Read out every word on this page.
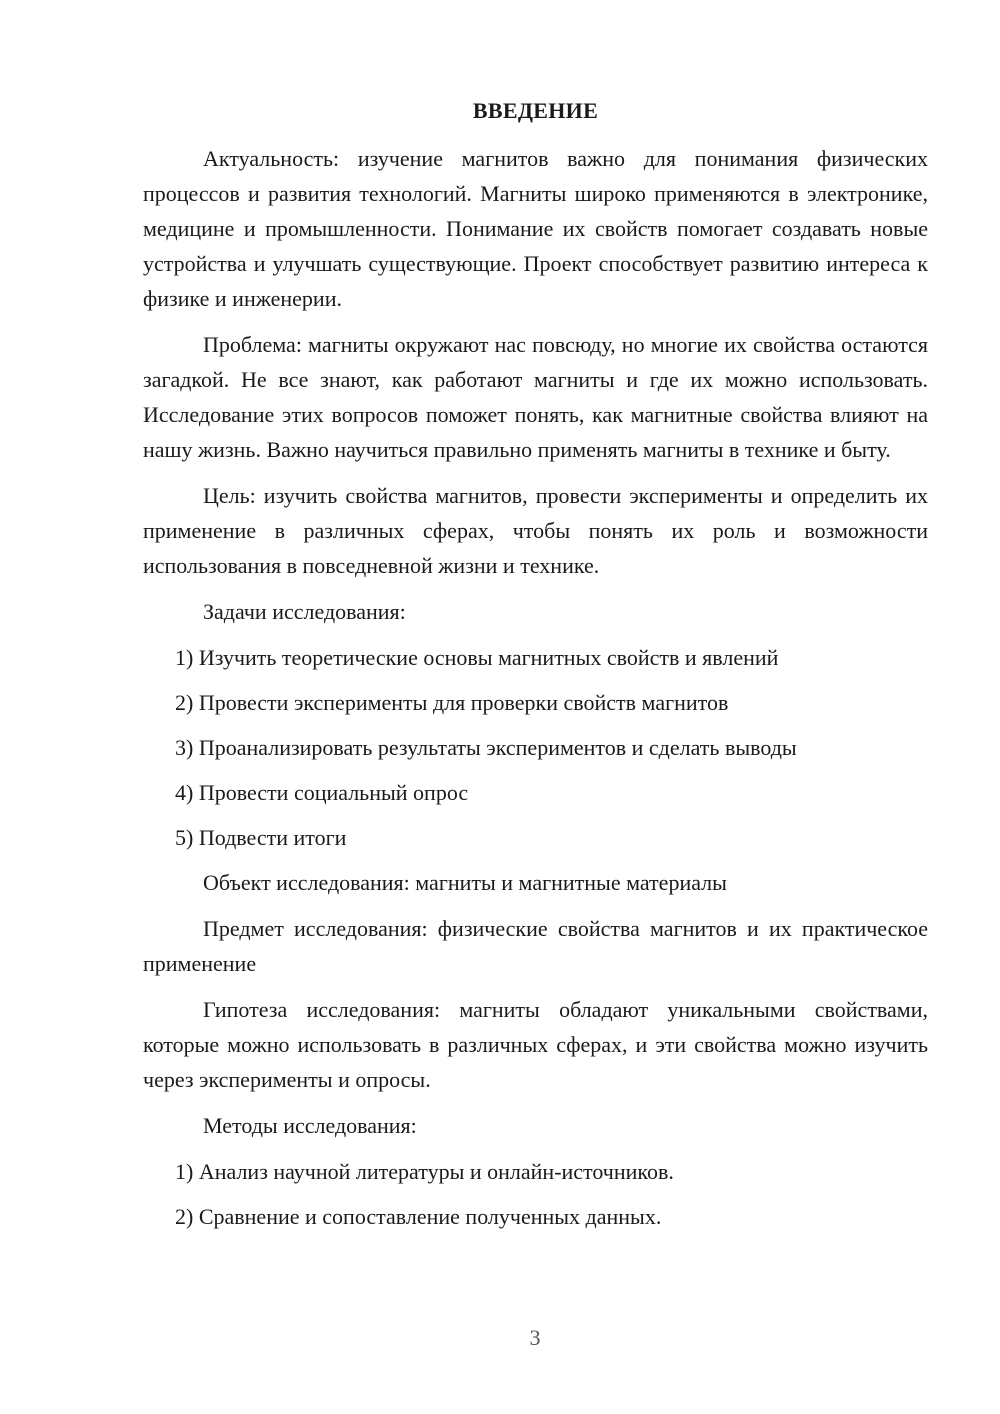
ВВЕДЕНИЕ

Актуальность: изучение магнитов важно для понимания физических процессов и развития технологий. Магниты широко применяются в электронике, медицине и промышленности. Понимание их свойств помогает создавать новые устройства и улучшать существующие. Проект способствует развитию интереса к физике и инженерии.

Проблема: магниты окружают нас повсюду, но многие их свойства остаются загадкой. Не все знают, как работают магниты и где их можно использовать. Исследование этих вопросов поможет понять, как магнитные свойства влияют на нашу жизнь. Важно научиться правильно применять магниты в технике и быту.

Цель: изучить свойства магнитов, провести эксперименты и определить их применение в различных сферах, чтобы понять их роль и возможности использования в повседневной жизни и технике.

Задачи исследования:

1) Изучить теоретические основы магнитных свойств и явлений
2) Провести эксперименты для проверки свойств магнитов
3) Проанализировать результаты экспериментов и сделать выводы
4) Провести социальный опрос
5) Подвести итоги

Объект исследования: магниты и магнитные материалы

Предмет исследования: физические свойства магнитов и их практическое применение

Гипотеза исследования: магниты обладают уникальными свойствами, которые можно использовать в различных сферах, и эти свойства можно изучить через эксперименты и опросы.

Методы исследования:

1) Анализ научной литературы и онлайн-источников.
2) Сравнение и сопоставление полученных данных.
3
